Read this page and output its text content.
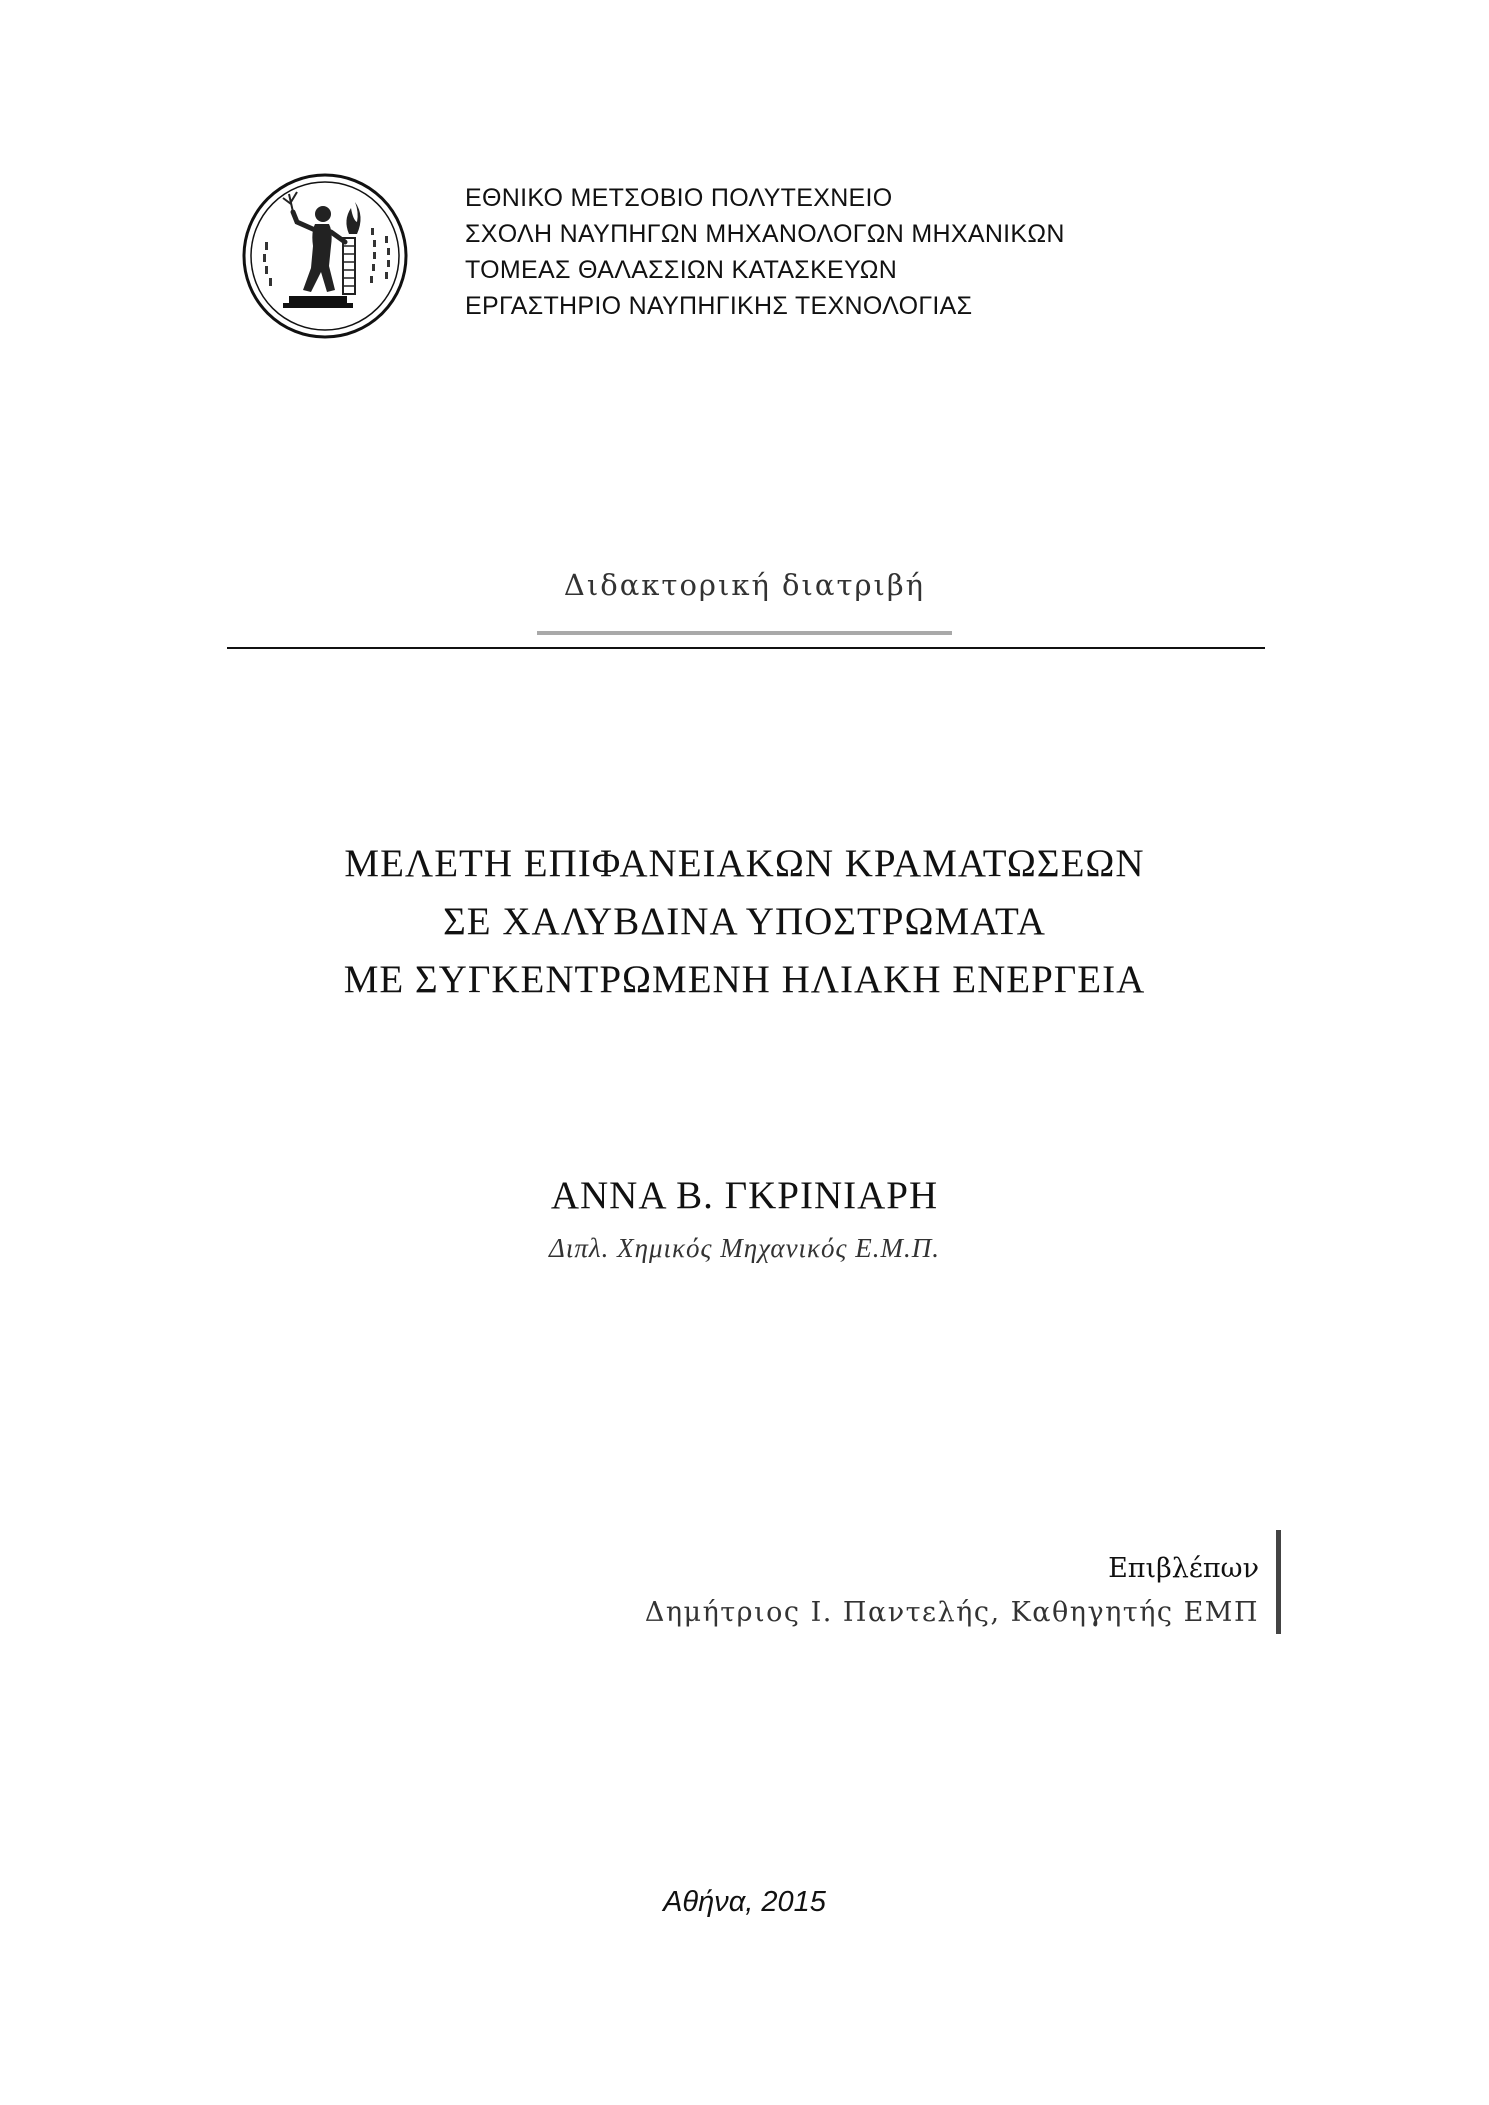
ΕΘΝΙΚΟ ΜΕΤΣΟΒΙΟ ΠΟΛΥΤΕΧΝΕΙΟ
ΣΧΟΛΗ ΝΑΥΠΗΓΩΝ ΜΗΧΑΝΟΛΟΓΩΝ ΜΗΧΑΝΙΚΩΝ
ΤΟΜΕΑΣ ΘΑΛΑΣΣΙΩΝ ΚΑΤΑΣΚΕΥΩΝ
ΕΡΓΑΣΤΗΡΙΟ ΝΑΥΠΗΓΙΚΗΣ ΤΕΧΝΟΛΟΓΙΑΣ
Διδακτορική διατριβή
ΜΕΛΕΤΗ ΕΠΙΦΑΝΕΙΑΚΩΝ ΚΡΑΜΑΤΩΣΕΩΝ
ΣΕ ΧΑΛΥΒΔΙΝΑ ΥΠΟΣΤΡΩΜΑΤΑ
ΜΕ ΣΥΓΚΕΝΤΡΩΜΕΝΗ ΗΛΙΑΚΗ ΕΝΕΡΓΕΙΑ
ΑΝΝΑ Β. ΓΚΡΙΝΙΑΡΗ
Διπλ. Χημικός Μηχανικός Ε.Μ.Π.
Επιβλέπων
Δημήτριος Ι. Παντελής, Καθηγητής ΕΜΠ
Αθήνα, 2015
